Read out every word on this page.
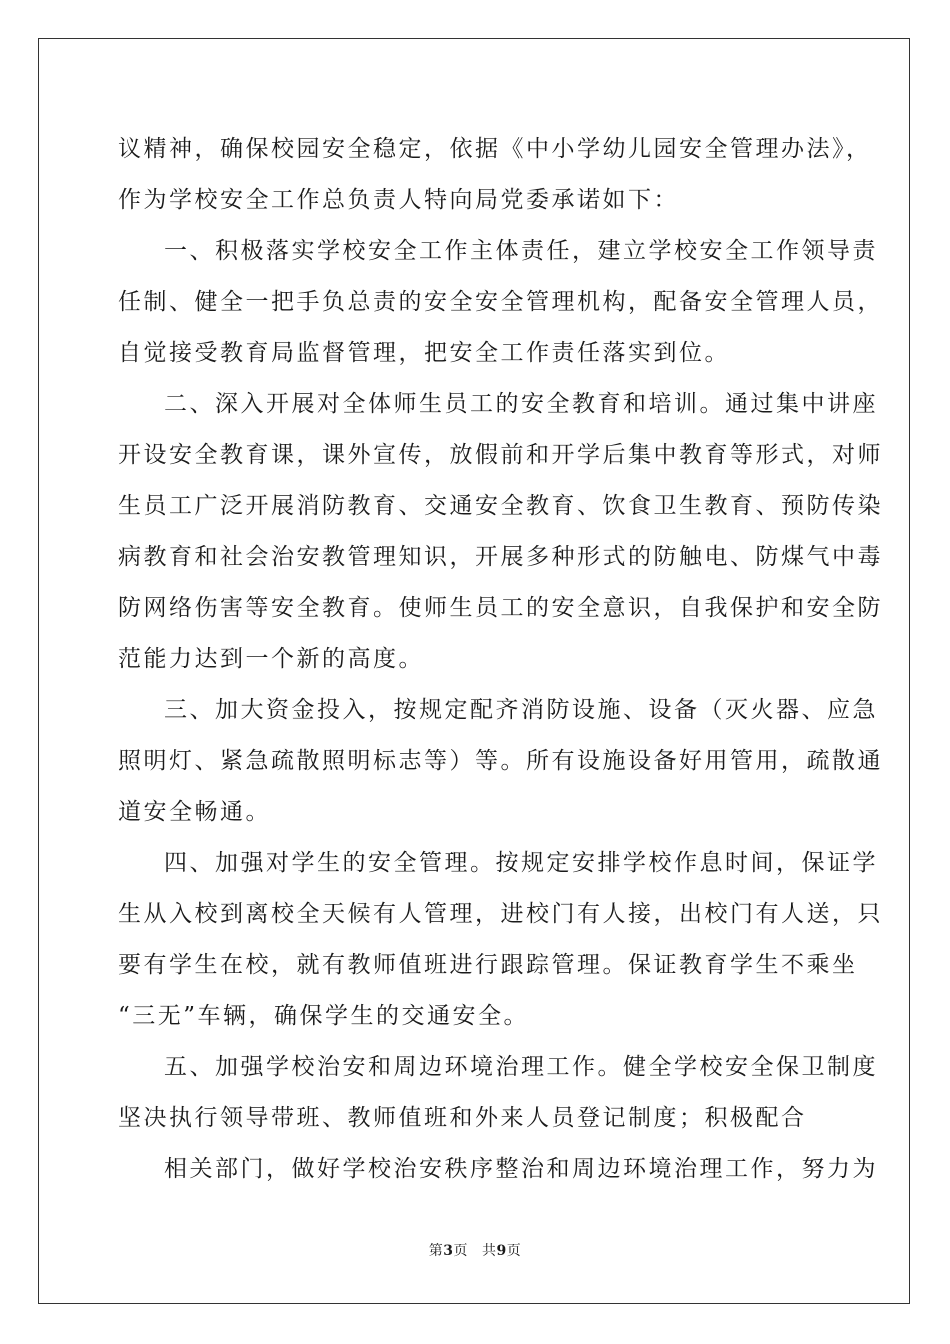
议精神，确保校园安全稳定，依据《中小学幼儿园安全管理办法》，
作为学校安全工作总负责人特向局党委承诺如下：
一、积极落实学校安全工作主体责任，建立学校安全工作领导责
任制、健全一把手负总责的安全安全管理机构，配备安全管理人员，
自觉接受教育局监督管理，把安全工作责任落实到位。
二、深入开展对全体师生员工的安全教育和培训。通过集中讲座
开设安全教育课，课外宣传，放假前和开学后集中教育等形式，对师
生员工广泛开展消防教育、交通安全教育、饮食卫生教育、预防传染
病教育和社会治安教管理知识，开展多种形式的防触电、防煤气中毒
防网络伤害等安全教育。使师生员工的安全意识，自我保护和安全防
范能力达到一个新的高度。
三、加大资金投入，按规定配齐消防设施、设备（灭火器、应急
照明灯、紧急疏散照明标志等）等。所有设施设备好用管用，疏散通
道安全畅通。
四、加强对学生的安全管理。按规定安排学校作息时间，保证学
生从入校到离校全天候有人管理，进校门有人接，出校门有人送，只
要有学生在校，就有教师值班进行跟踪管理。保证教育学生不乘坐
“三无”车辆，确保学生的交通安全。
五、加强学校治安和周边环境治理工作。健全学校安全保卫制度
坚决执行领导带班、教师值班和外来人员登记制度；积极配合
相关部门，做好学校治安秩序整治和周边环境治理工作，努力为
第3页 共9页
